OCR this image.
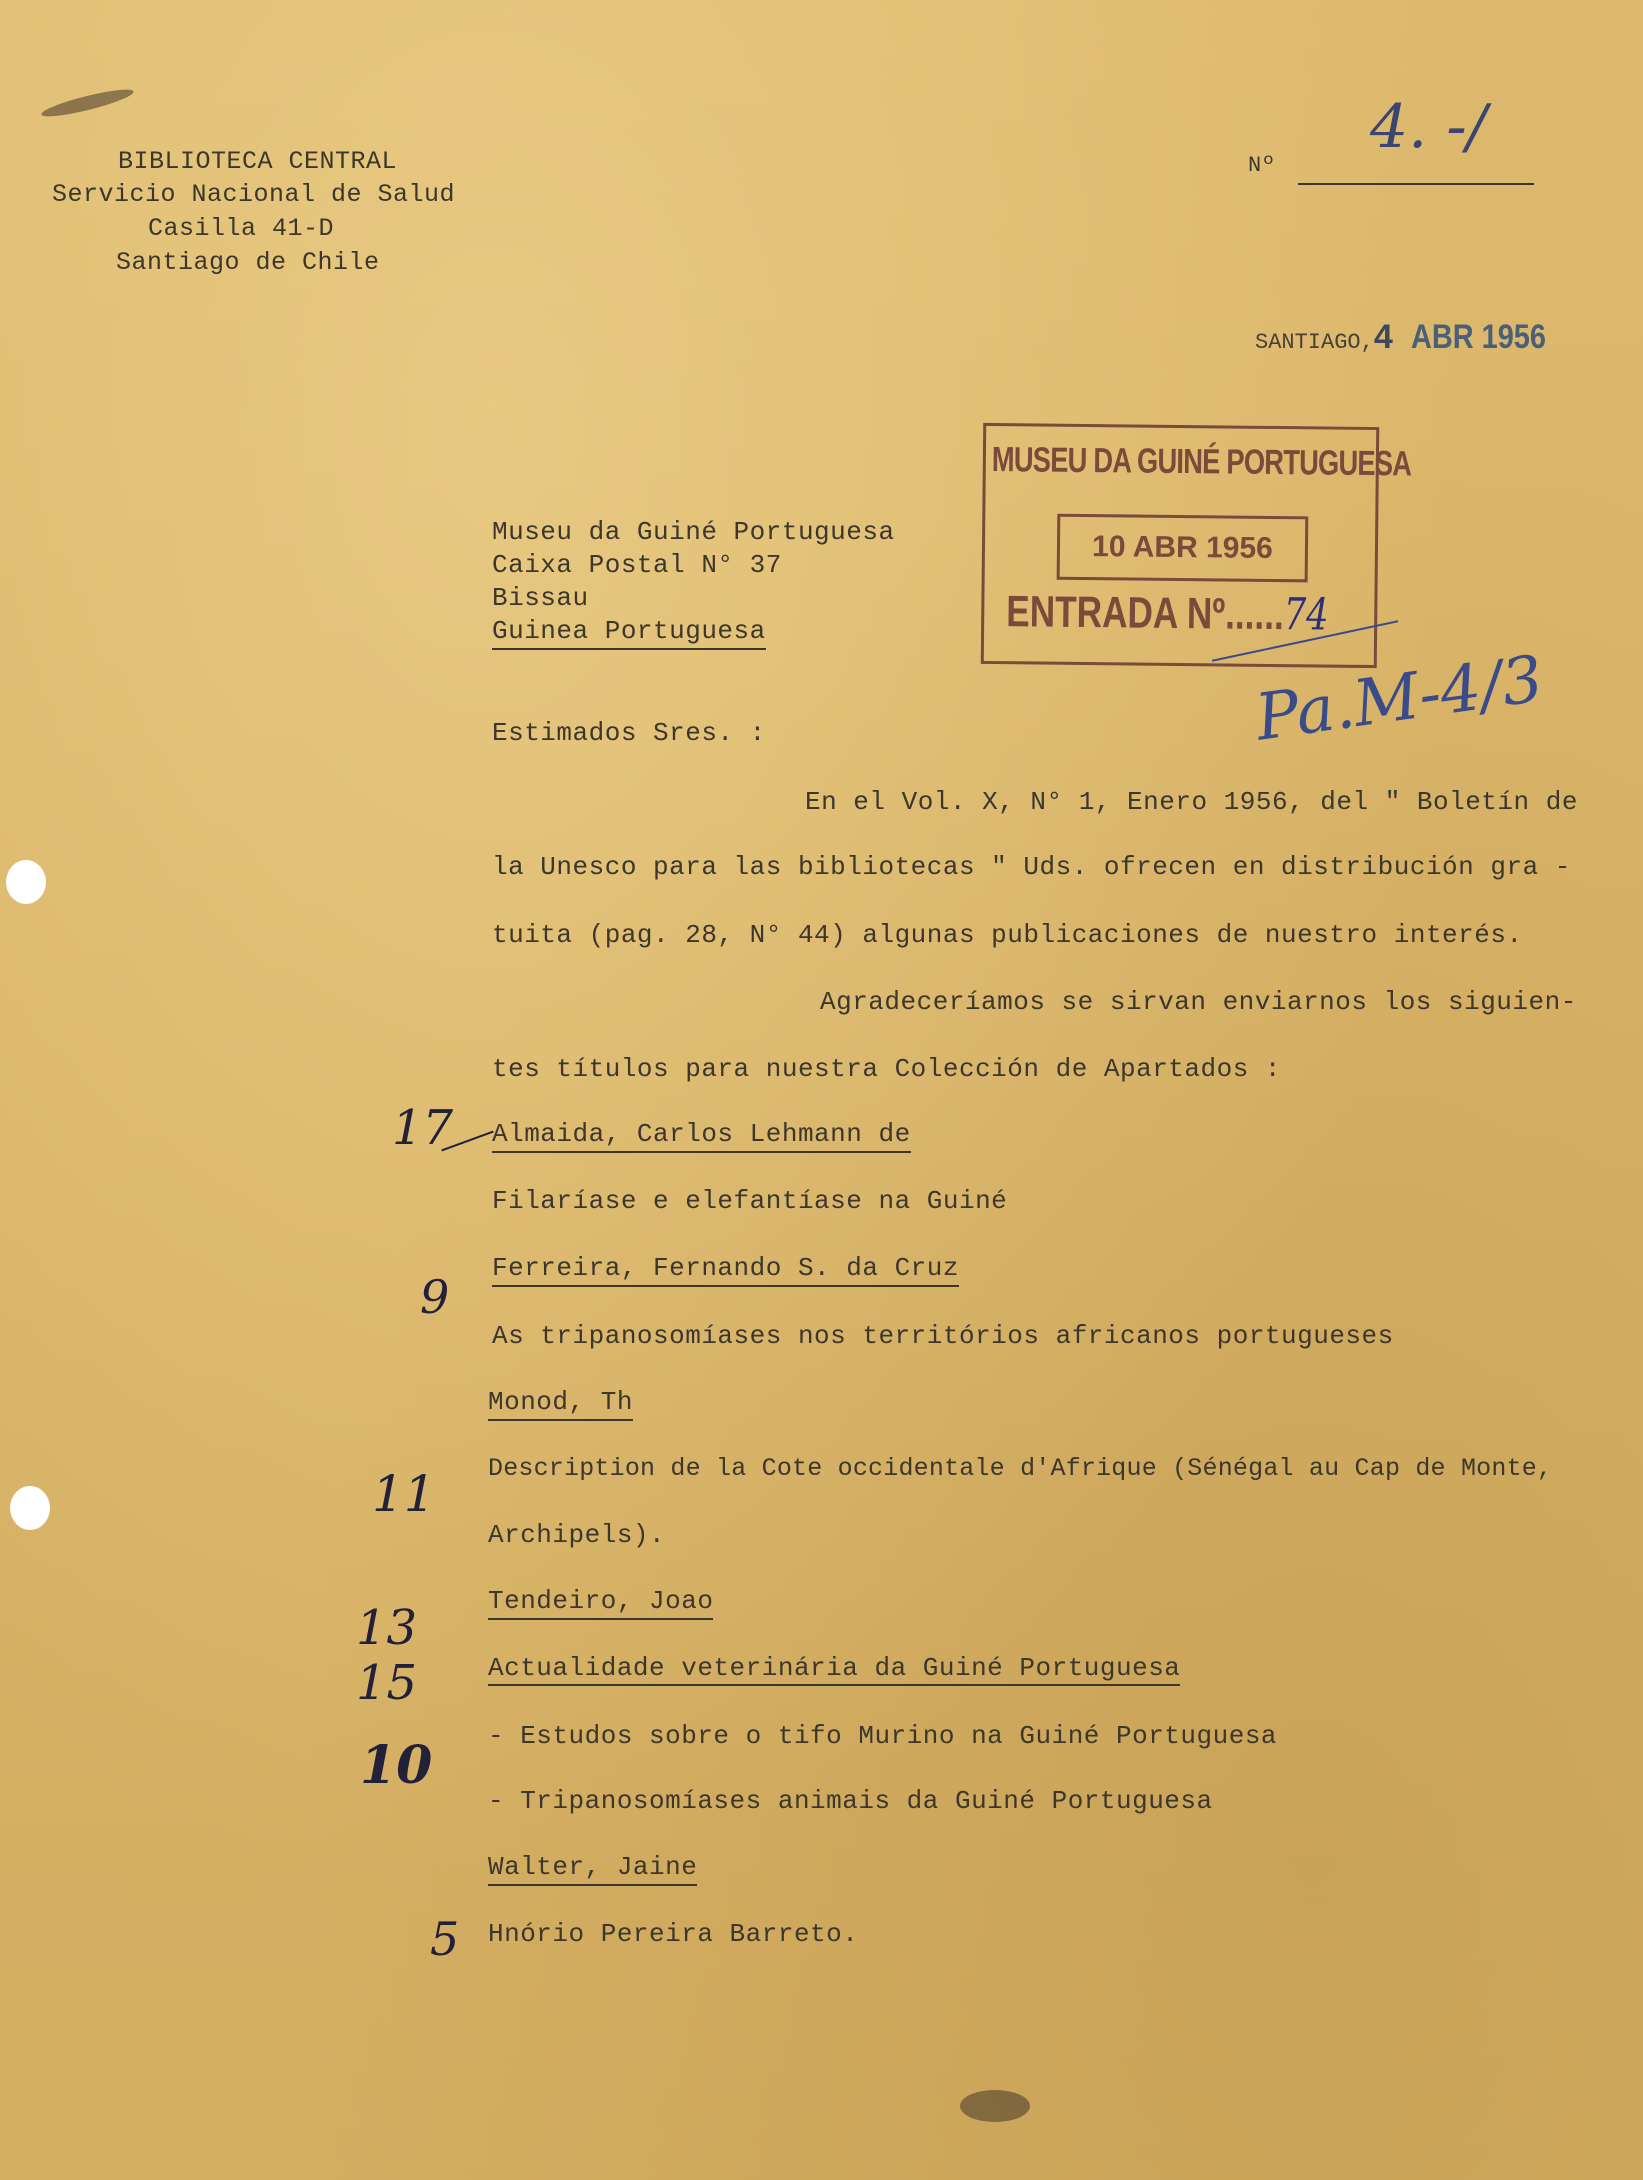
BIBLIOTECA CENTRAL
Servicio Nacional de Salud
Casilla 41-D
Santiago de Chile
Nº
4. -/
SANTIAGO,4 ABR 1956
MUSEU DA GUINÉ PORTUGUESA
10 ABR 1956
ENTRADA Nº......74
Pa.M-4/3
Museu da Guiné Portuguesa
Caixa Postal N° 37
Bissau
Guinea Portuguesa
Estimados Sres. :
En el Vol. X, N° 1, Enero 1956, del " Boletín de
la Unesco para las bibliotecas " Uds. ofrecen en distribución gra -
tuita (pag. 28, N° 44) algunas publicaciones de nuestro interés.
Agradeceríamos se sirvan enviarnos los siguien-
tes títulos para nuestra Colección de Apartados :
Almaida, Carlos Lehmann de
Filaríase e elefantíase na Guiné
Ferreira, Fernando S. da Cruz
As tripanosomíases nos territórios africanos portugueses
Monod, Th
Description de la Cote occidentale d'Afrique (Sénégal au Cap de Monte,
Archipels).
Tendeiro, Joao
Actualidade veterinária da Guiné Portuguesa
- Estudos sobre o tifo Murino na Guiné Portuguesa
- Tripanosomíases animais da Guiné Portuguesa
Walter, Jaine
Hnório Pereira Barreto.
17
9
11
13
15
10
5
